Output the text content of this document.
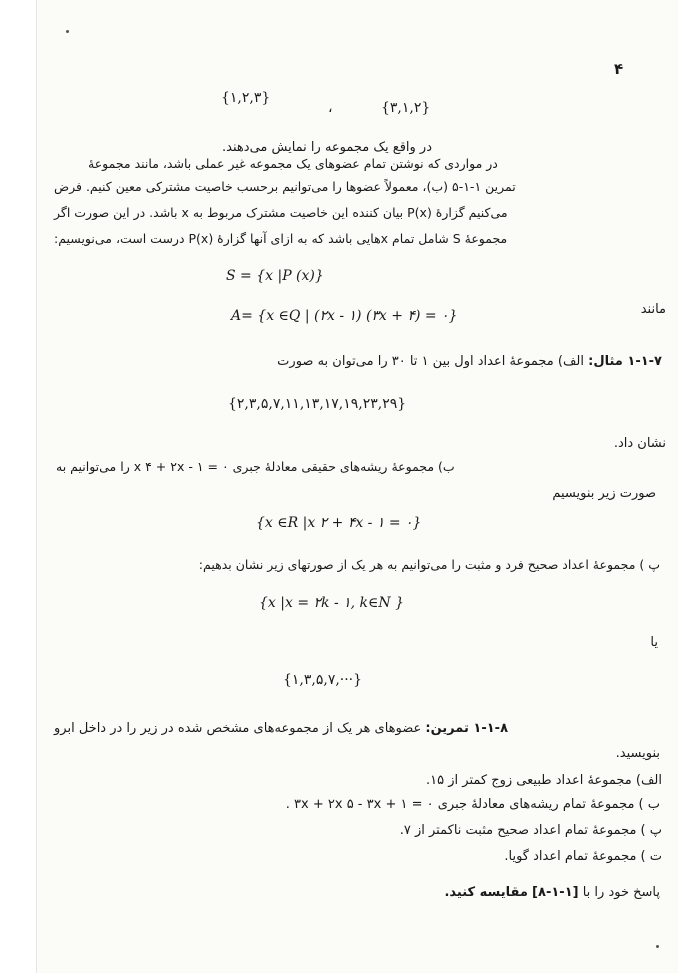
۴
{۱,۲,۳}
،	{۳,۱,۲}
در واقع یک مجموعه را نمایش می‌دهند.
در مواردی که نوشتن تمام عضوهای یک مجموعه غیر عملی باشد، مانند مجموعهٔ
تمرین ۱-۱-۵ (ب)، معمولاً عضوها را می‌توانیم برحسب خاصیت مشترکی معین کنیم. فرض
می‌کنیم گزارهٔ (P(x بیان کننده این خاصیت مشترک مربوط به x باشد. در این صورت اگر
مجموعهٔ S شامل تمام xهایی باشد که به ازای آنها گزارهٔ (P(x درست است، می‌نویسیم:
S = {x |P (x)}
مانند
A= {x ∈Q | (۲x - ۱) (۳x + ۴) = ۰}
۱-۱-۷ مثال: الف) مجموعهٔ اعداد اول بین ۱ تا ۳۰ را می‌توان به صورت
{۲,۳,۵,۷,۱۱,۱۳,۱۷,۱۹,۲۳,۲۹}
نشان داد.
ب) مجموعهٔ ریشه‌های حقیقی معادلهٔ جبری ۰ = ۱ - x ۴ + ۲x را می‌توانیم به
صورت زیر بنویسیم
{x ∈R |x ۲ + ۴x - ۱ = ۰}
پ ) مجموعهٔ اعداد صحیح فرد و مثبت را می‌توانیم به هر یک از صورتهای زیر نشان بدهیم:
{x |x = ۲k - ۱, k∈N }
یا
{۱,۳,۵,۷,···}
۱-۱-۸ تمرین: عضوهای هر یک از مجموعه‌های مشخص شده در زیر را در داخل ابرو
بنویسید.
الف) مجموعهٔ اعداد طبیعی زوج کمتر از ۱۵.
ب ) مجموعهٔ تمام ریشه‌های معادلهٔ جبری ۰ = ۱ + ۳x + ۲x ۵ - ۳x .
پ ) مجموعهٔ تمام اعداد صحیح مثبت ناکمتر از ۷.
ت ) مجموعهٔ تمام اعداد گویا.
پاسخ خود را با [۱-۱-۸] مقایسه کنید.
